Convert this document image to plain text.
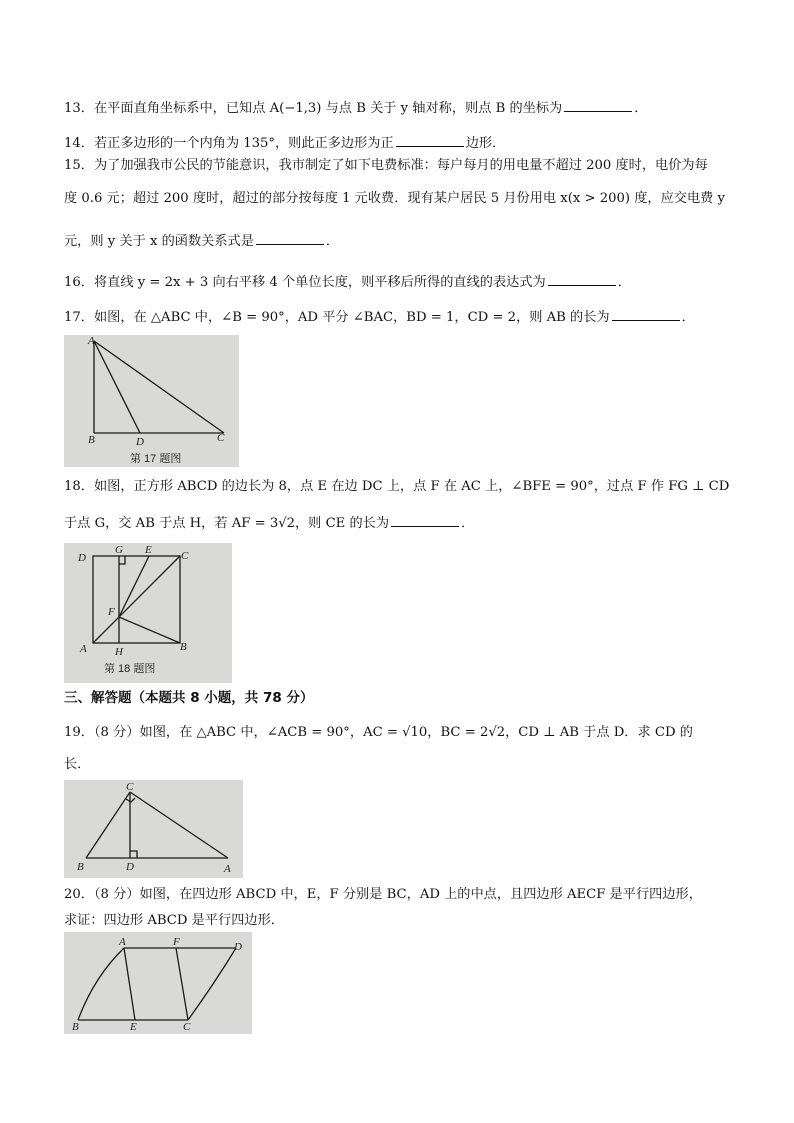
13．在平面直角坐标系中，已知点 A(−1,3) 与点 B 关于 y 轴对称，则点 B 的坐标为	．
14．若正多边形的一个内角为 135°，则此正多边形为正	边形．
15．为了加强我市公民的节能意识，我市制定了如下电费标准：每户每月的用电量不超过 200 度时，电价为每
度 0.6 元；超过 200 度时，超过的部分按每度 1 元收费．现有某户居民 5 月份用电 x(x > 200) 度，应交电费 y
元，则 y 关于 x 的函数关系式是	．
16．将直线 y = 2x + 3 向右平移 4 个单位长度，则平移后所得的直线的表达式为	．
17．如图，在 △ABC 中，∠B = 90°，AD 平分 ∠BAC，BD = 1，CD = 2，则 AB 的长为	．
A
B	D	C
第 17 题图
18．如图，正方形 ABCD 的边长为 8，点 E 在边 DC 上，点 F 在 AC 上，∠BFE = 90°，过点 F 作 FG ⊥ CD
于点 G，交 AB 于点 H，若 AF = 3√2，则 CE 的长为	．
D
G E	C
F
A	H	B
第 18 题图
三、解答题（本题共 8 小题，共 78 分）
19．（8 分）如图，在 △ABC 中，∠ACB = 90°，AC = √10，BC = 2√2，CD ⊥ AB 于点 D．求 CD 的
长．
C
B	D	A
20．（8 分）如图，在四边形 ABCD 中，E，F 分别是 BC，AD 上的中点，且四边形 AECF 是平行四边形，
求证：四边形 ABCD 是平行四边形．
A	F	D
B	E	C
